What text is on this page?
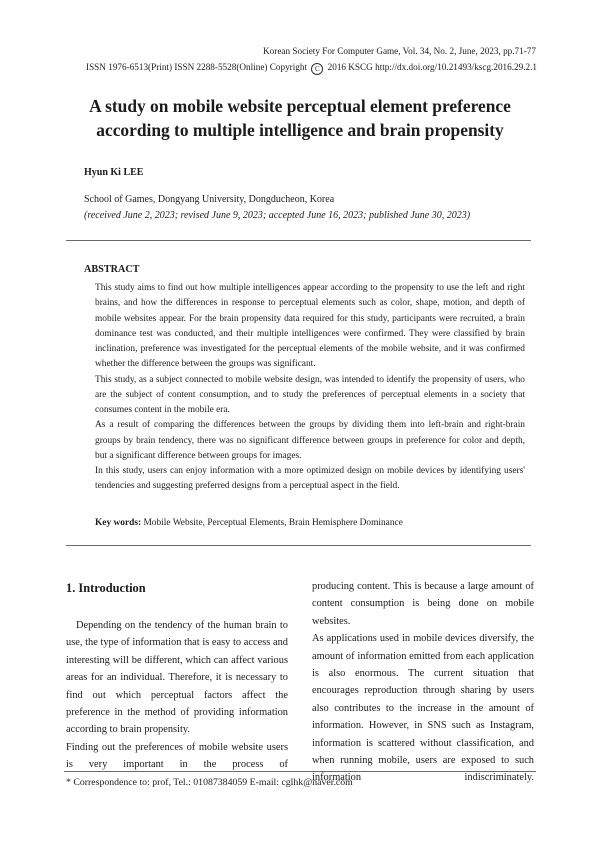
Korean Society For Computer Game, Vol. 34, No. 2, June, 2023, pp.71-77
ISSN 1976-6513(Print) ISSN 2288-5528(Online) Copyright C 2016 KSCG http://dx.doi.org/10.21493/kscg.2016.29.2.1
A study on mobile website perceptual element preference
according to multiple intelligence and brain propensity
Hyun Ki LEE
School of Games, Dongyang University, Dongducheon, Korea
(received June 2, 2023; revised June 9, 2023; accepted June 16, 2023; published June 30, 2023)
ABSTRACT

This study aims to find out how multiple intelligences appear according to the propensity to use the left and right brains, and how the differences in response to perceptual elements such as color, shape, motion, and depth of mobile websites appear. For the brain propensity data required for this study, participants were recruited, a brain dominance test was conducted, and their multiple intelligences were confirmed. They were classified by brain inclination, preference was investigated for the perceptual elements of the mobile website, and it was confirmed whether the difference between the groups was significant.

This study, as a subject connected to mobile website design, was intended to identify the propensity of users, who are the subject of content consumption, and to study the preferences of perceptual elements in a society that consumes content in the mobile era.

As a result of comparing the differences between the groups by dividing them into left-brain and right-brain groups by brain tendency, there was no significant difference between groups in preference for color and depth, but a significant difference between groups for images.

In this study, users can enjoy information with a more optimized design on mobile devices by identifying users' tendencies and suggesting preferred designs from a perceptual aspect in the field.

Key words: Mobile Website, Perceptual Elements, Brain Hemisphere Dominance
1. Introduction

Depending on the tendency of the human brain to use, the type of information that is easy to access and interesting will be different, which can affect various areas for an individual. Therefore, it is necessary to find out which perceptual factors affect the preference in the method of providing information according to brain propensity.

Finding out the preferences of mobile website users is very important in the process of

producing content. This is because a large amount of content consumption is being done on mobile websites.

As applications used in mobile devices diversify, the amount of information emitted from each application is also enormous. The current situation that encourages reproduction through sharing by users also contributes to the increase in the amount of information. However, in SNS such as Instagram, information is scattered without classification, and when running mobile, users are exposed to such information indiscriminately.

* Correspondence to: prof, Tel.: 01087384059 E-mail: cglhk@naver.com
